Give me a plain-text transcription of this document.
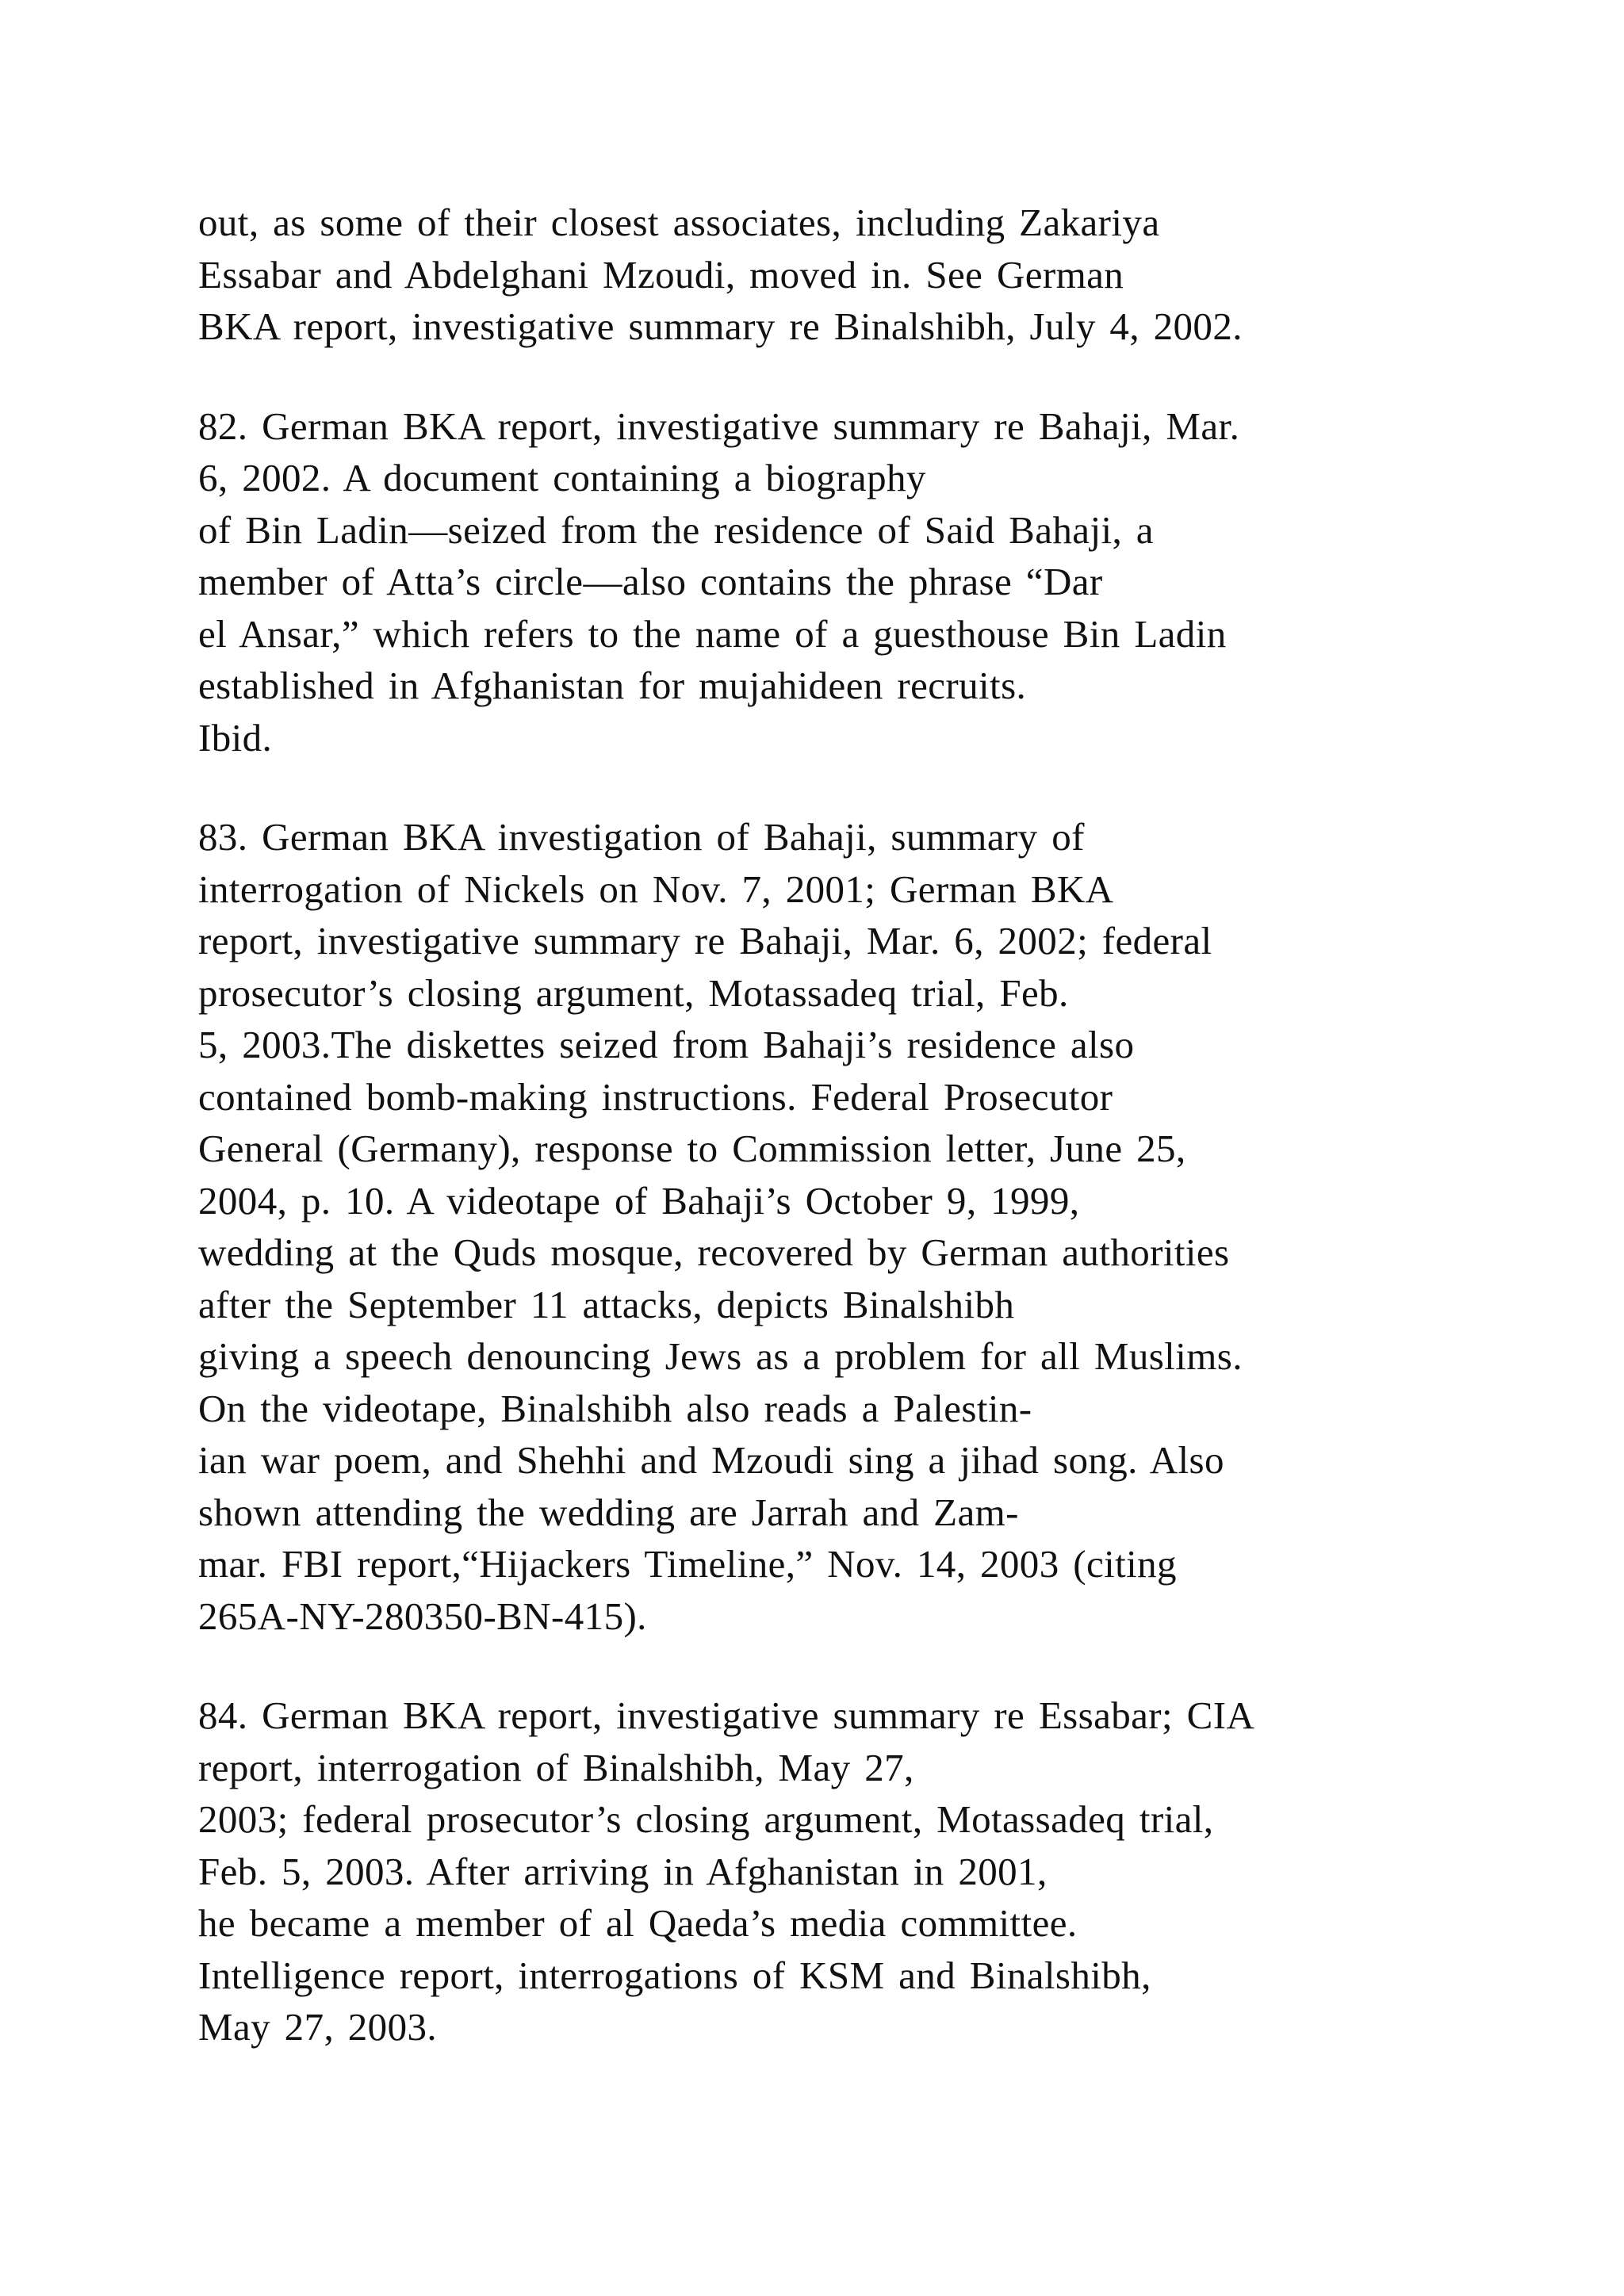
out, as some of their closest associates, including Zakariya
Essabar and Abdelghani Mzoudi, moved in. See German
BKA report, investigative summary re Binalshibh, July 4, 2002.
82. German BKA report, investigative summary re Bahaji, Mar.
6, 2002. A document containing a biography
of Bin Ladin—seized from the residence of Said Bahaji, a
member of Atta’s circle—also contains the phrase “Dar
el Ansar,” which refers to the name of a guesthouse Bin Ladin
established in Afghanistan for mujahideen recruits.
Ibid.
83. German BKA investigation of Bahaji, summary of
interrogation of Nickels on Nov. 7, 2001; German BKA
report, investigative summary re Bahaji, Mar. 6, 2002; federal
prosecutor’s closing argument, Motassadeq trial, Feb.
5, 2003.The diskettes seized from Bahaji’s residence also
contained bomb-making instructions. Federal Prosecutor
General (Germany), response to Commission letter, June 25,
2004, p. 10. A videotape of Bahaji’s October 9, 1999,
wedding at the Quds mosque, recovered by German authorities
after the September 11 attacks, depicts Binalshibh
giving a speech denouncing Jews as a problem for all Muslims.
On the videotape, Binalshibh also reads a Palestin-
ian war poem, and Shehhi and Mzoudi sing a jihad song. Also
shown attending the wedding are Jarrah and Zam-
mar. FBI report,“Hijackers Timeline,” Nov. 14, 2003 (citing
265A-NY-280350-BN-415).
84. German BKA report, investigative summary re Essabar; CIA
report, interrogation of Binalshibh, May 27,
2003; federal prosecutor’s closing argument, Motassadeq trial,
Feb. 5, 2003. After arriving in Afghanistan in 2001,
he became a member of al Qaeda’s media committee.
Intelligence report, interrogations of KSM and Binalshibh,
May 27, 2003.
